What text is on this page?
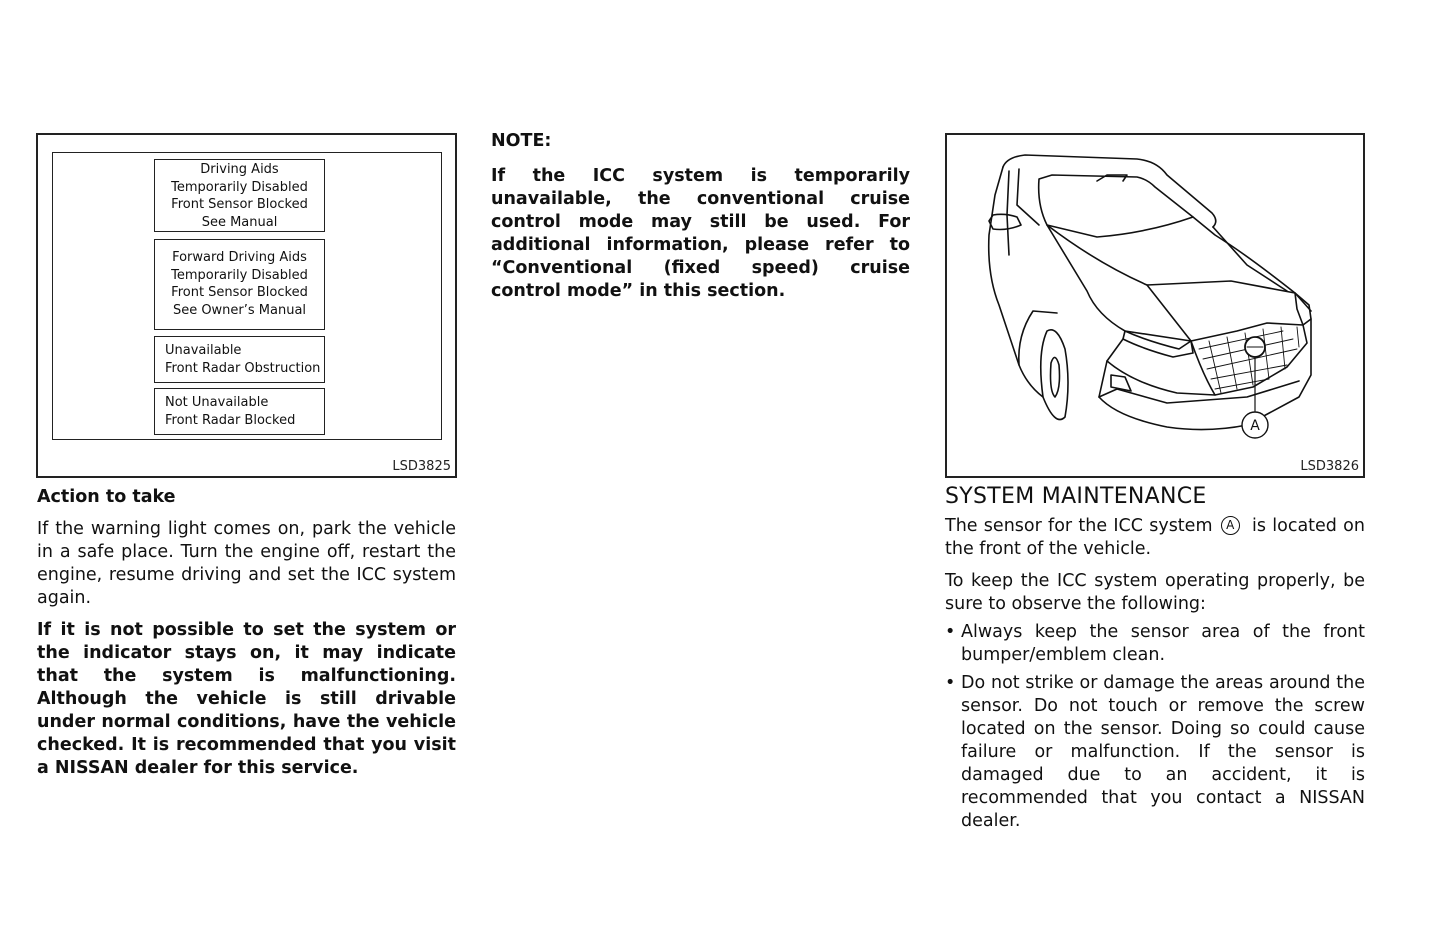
Driving Aids
Temporarily Disabled
Front Sensor Blocked
See Manual
Forward Driving Aids
Temporarily Disabled
Front Sensor Blocked
See Owner’s Manual
Unavailable
Front Radar Obstruction
Not Unavailable
Front Radar Blocked
LSD3825
Action to take

If the warning light comes on, park the vehicle in a safe place. Turn the engine off, restart the engine, resume driving and set the ICC system again.

If it is not possible to set the system or the indicator stays on, it may indicate that the system is malfunctioning. Although the vehicle is still drivable under normal conditions, have the vehicle checked. It is recommended that you visit a NISSAN dealer for this service.

NOTE:

If the ICC system is temporarily unavailable, the conventional cruise control mode may still be used. For additional information, please refer to “Conventional (fixed speed) cruise control mode” in this section.

A
LSD3826
SYSTEM MAINTENANCE

The sensor for the ICC system A is located on the front of the vehicle.

To keep the ICC system operating properly, be sure to observe the following:

• Always keep the sensor area of the front bumper/emblem clean.

• Do not strike or damage the areas around the sensor. Do not touch or remove the screw located on the sensor. Doing so could cause failure or malfunction. If the sensor is damaged due to an accident, it is recommended that you contact a NISSAN dealer.
